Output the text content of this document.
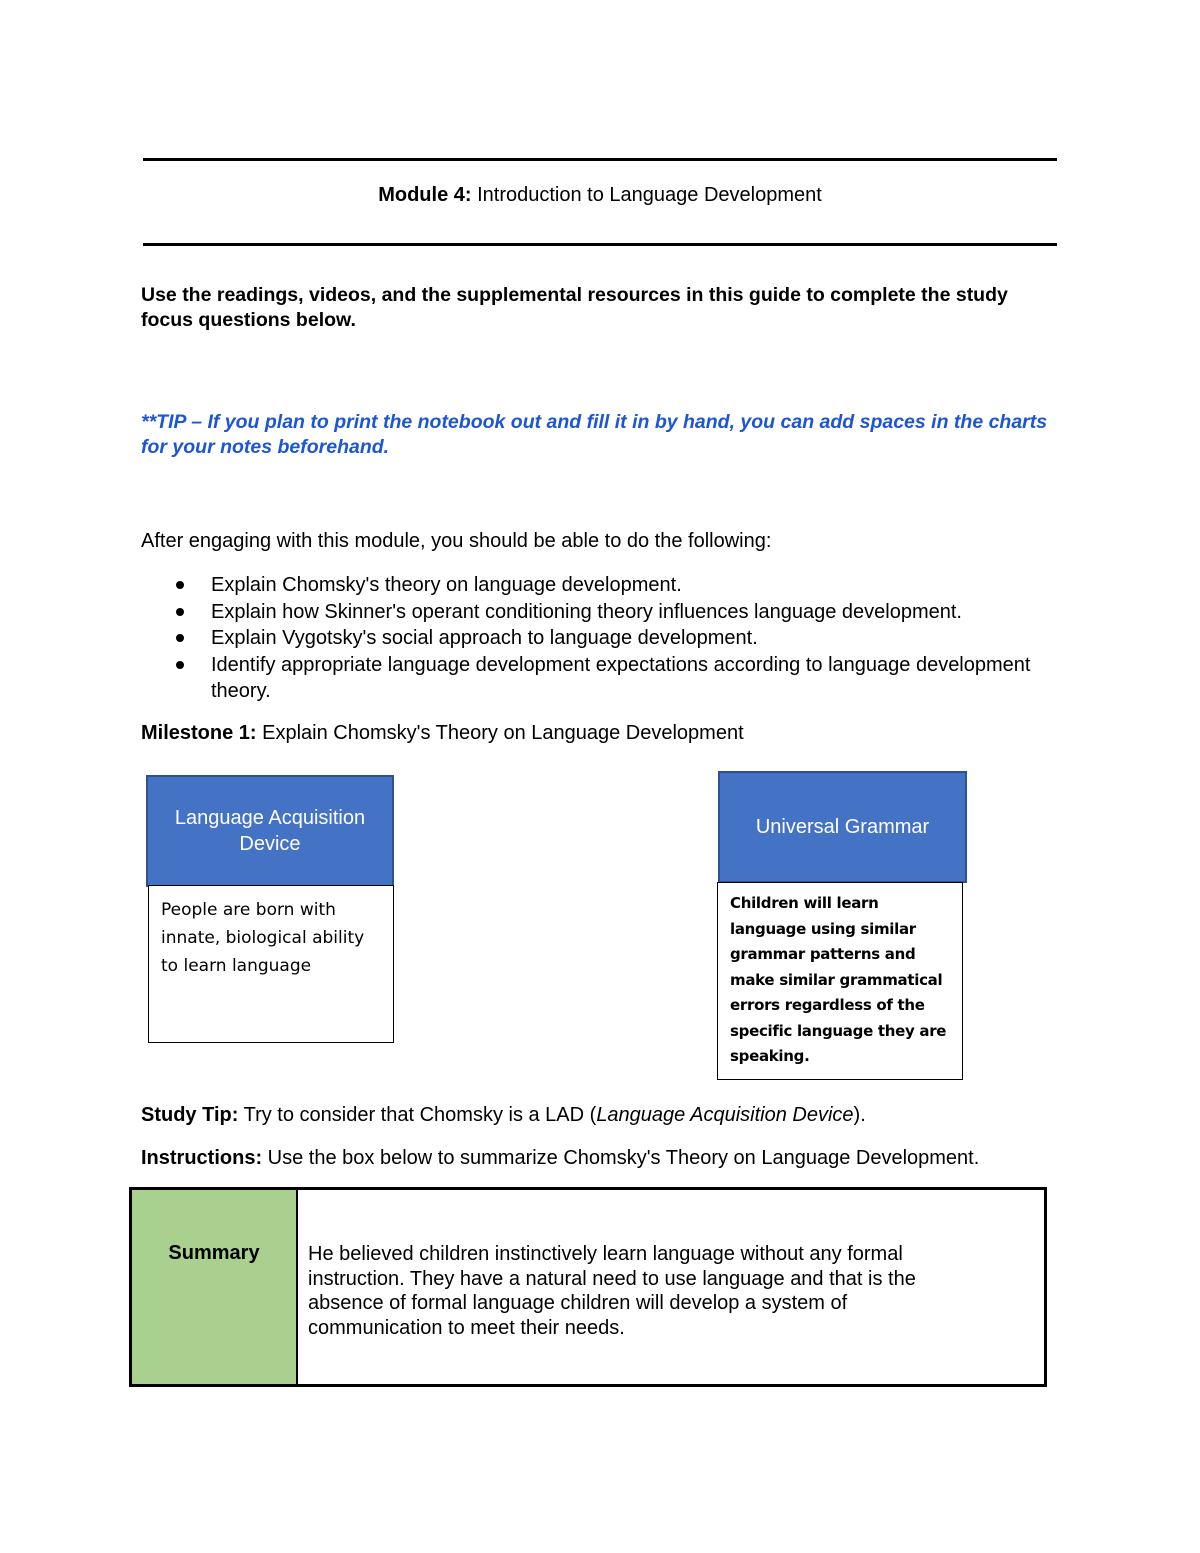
Module 4: Introduction to Language Development
Use the readings, videos, and the supplemental resources in this guide to complete the study focus questions below.
**TIP – If you plan to print the notebook out and fill it in by hand, you can add spaces in the charts for your notes beforehand.
After engaging with this module, you should be able to do the following:
Explain Chomsky's theory on language development.
Explain how Skinner's operant conditioning theory influences language development.
Explain Vygotsky's social approach to language development.
Identify appropriate language development expectations according to language development theory.
Milestone 1: Explain Chomsky's Theory on Language Development
Language Acquisition Device
People are born with innate, biological ability to learn language
Universal Grammar
Children will learn language using similar grammar patterns and make similar grammatical errors regardless of the specific language they are speaking.
Study Tip: Try to consider that Chomsky is a LAD (Language Acquisition Device).
Instructions: Use the box below to summarize Chomsky's Theory on Language Development.
Summary	He believed children instinctively learn language without any formal instruction. They have a natural need to use language and that is the absence of formal language children will develop a system of communication to meet their needs.
